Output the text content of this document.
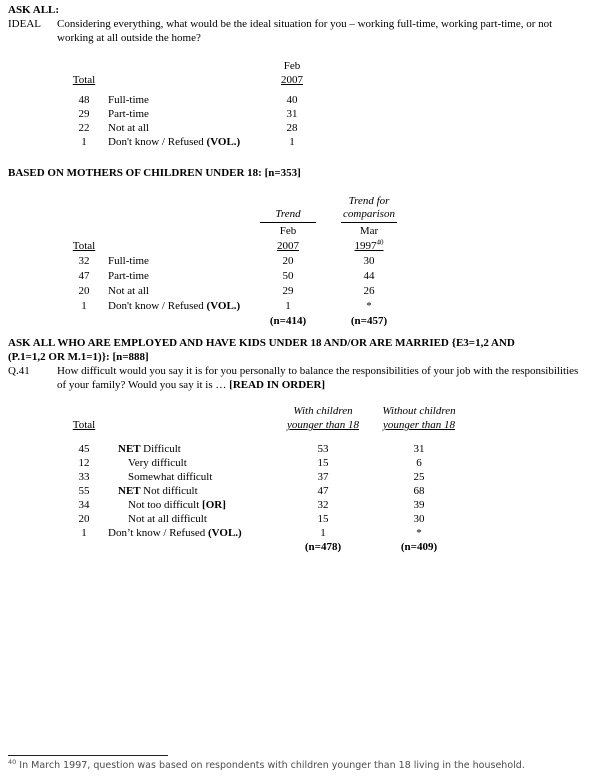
ASK ALL:
IDEAL	Considering everything, what would be the ideal situation for you – working full-time, working part-time, or not
working at all outside the home?
		Feb
Total		2007

48	Full-time	40
29	Part-time	31
22	Not at all	28
1	Don't know / Refused (VOL.)	1
BASED ON MOTHERS OF CHILDREN UNDER 18: [n=353]
			Trend for

		Trend	comparison

		Feb	Mar
Total		2007	1997$^{40}$
32	Full-time	20	30
47	Part-time	50	44
20	Not at all	29	26
1	Don't know / Refused (VOL.)	1	*
		(n=414)	(n=457)
ASK ALL WHO ARE EMPLOYED AND HAVE KIDS UNDER 18 AND/OR ARE MARRIED {E3=1,2 AND
(P.1=1,2 OR M.1=1)}: [n=888]
Q.41	How difficult would you say it is for you personally to balance the responsibilities of your job with the responsibilities
of your family? Would you say it is … [READ IN ORDER]
		With children	Without children
Total		younger than 18	younger than 18

45	NET Difficult	53	31
12	Very difficult	15	6
33	Somewhat difficult	37	25
55	NET Not difficult	47	68
34	Not too difficult [OR]	32	39
20	Not at all difficult	15	30
1	Don’t know / Refused (VOL.)	1	*
		(n=478)	(n=409)
$^{40}$ In March 1997, question was based on respondents with children younger than 18 living in the household.
